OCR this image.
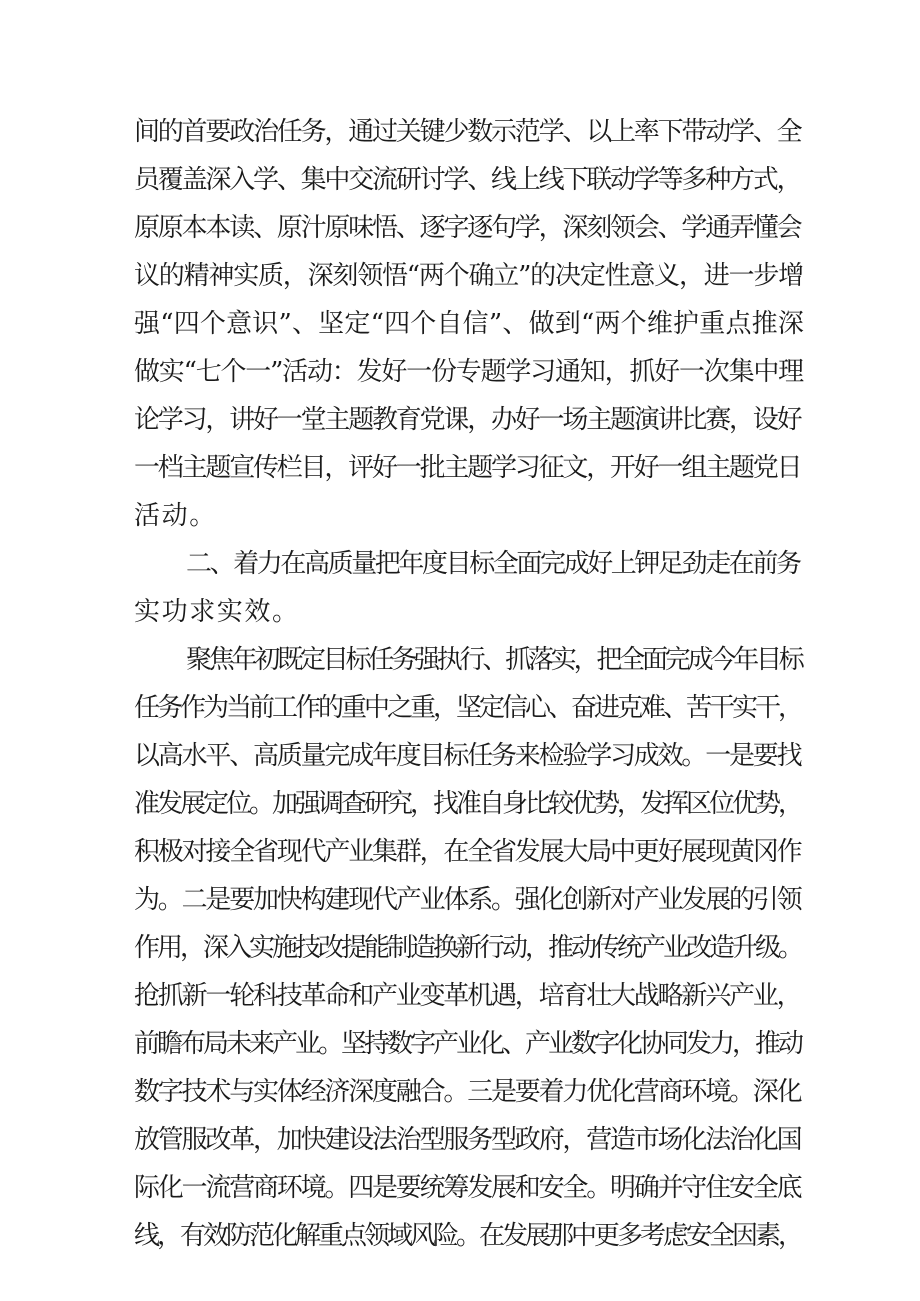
间的首要政治任务，通过关键少数示范学、以上率下带动学、全
员覆盖深入学、集中交流研讨学、线上线下联动学等多种方式，
原原本本读、原汁原味悟、逐字逐句学，深刻领会、学通弄懂会
议的精神实质，深刻领悟“两个确立”的决定性意义，进一步增
强“四个意识”、坚定“四个自信”、做到“两个维护重点推深
做实“七个一”活动：发好一份专题学习通知，抓好一次集中理
论学习，讲好一堂主题教育党课，办好一场主题演讲比赛，设好
一档主题宣传栏目，评好一批主题学习征文，开好一组主题党日
活动。
二、着力在高质量把年度目标全面完成好上钾足劲走在前务
实功求实效。
聚焦年初既定目标任务强执行、抓落实，把全面完成今年目标
任务作为当前工作的重中之重，坚定信心、奋进克难、苦干实干，
以高水平、高质量完成年度目标任务来检验学习成效。一是要找
准发展定位。加强调查研究，找准自身比较优势，发挥区位优势，
积极对接全省现代产业集群，在全省发展大局中更好展现黄冈作
为。二是要加快构建现代产业体系。强化创新对产业发展的引领
作用，深入实施技改提能制造换新行动，推动传统产业改造升级。
抢抓新一轮科技革命和产业变革机遇，培育壮大战略新兴产业，
前瞻布局未来产业。坚持数字产业化、产业数字化协同发力，推动
数字技术与实体经济深度融合。三是要着力优化营商环境。深化
放管服改革，加快建设法治型服务型政府，营造市场化法治化国
际化一流营商环境。四是要统筹发展和安全。明确并守住安全底
线，有效防范化解重点领域风险。在发展那中更多考虑安全因素，
